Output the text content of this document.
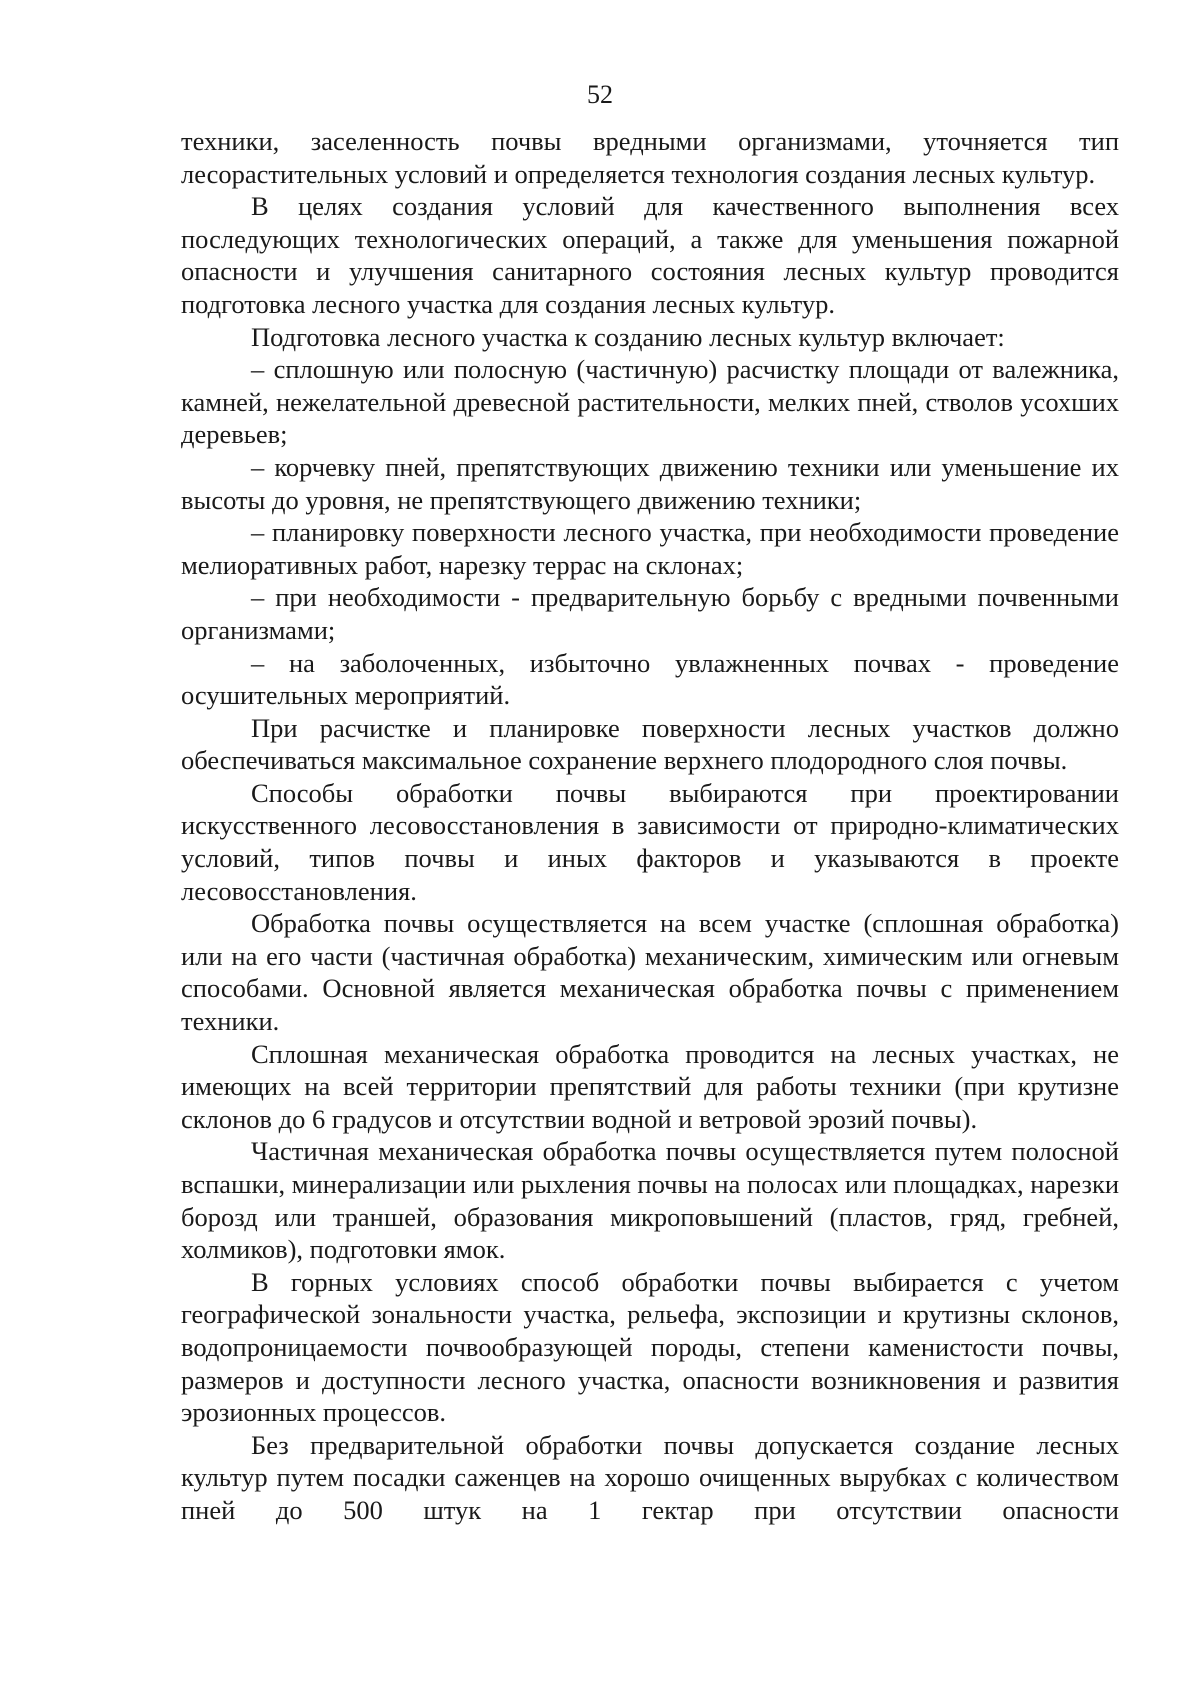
52

техники, заселенность почвы вредными организмами, уточняется тип лесорастительных условий и определяется технология создания лесных культур.

В целях создания условий для качественного выполнения всех последующих технологических операций, а также для уменьшения пожарной опасности и улучшения санитарного состояния лесных культур проводится подготовка лесного участка для создания лесных культур.

Подготовка лесного участка к созданию лесных культур включает:

– сплошную или полосную (частичную) расчистку площади от валежника, камней, нежелательной древесной растительности, мелких пней, стволов усохших деревьев;

– корчевку пней, препятствующих движению техники или уменьшение их высоты до уровня, не препятствующего движению техники;

– планировку поверхности лесного участка, при необходимости проведение мелиоративных работ, нарезку террас на склонах;

– при необходимости - предварительную борьбу с вредными почвенными организмами;

– на заболоченных, избыточно увлажненных почвах - проведение осушительных мероприятий.

При расчистке и планировке поверхности лесных участков должно обеспечиваться максимальное сохранение верхнего плодородного слоя почвы.

Способы обработки почвы выбираются при проектировании искусственного лесовосстановления в зависимости от природно-климатических условий, типов почвы и иных факторов и указываются в проекте лесовосстановления.

Обработка почвы осуществляется на всем участке (сплошная обработка) или на его части (частичная обработка) механическим, химическим или огневым способами. Основной является механическая обработка почвы с применением техники.

Сплошная механическая обработка проводится на лесных участках, не имеющих на всей территории препятствий для работы техники (при крутизне склонов до 6 градусов и отсутствии водной и ветровой эрозий почвы).

Частичная механическая обработка почвы осуществляется путем полосной вспашки, минерализации или рыхления почвы на полосах или площадках, нарезки борозд или траншей, образования микроповышений (пластов, гряд, гребней, холмиков), подготовки ямок.

В горных условиях способ обработки почвы выбирается с учетом географической зональности участка, рельефа, экспозиции и крутизны склонов, водопроницаемости почвообразующей породы, степени каменистости почвы, размеров и доступности лесного участка, опасности возникновения и развития эрозионных процессов.

Без предварительной обработки почвы допускается создание лесных культур путем посадки саженцев на хорошо очищенных вырубках с количеством пней до 500 штук на 1 гектар при отсутствии опасности
